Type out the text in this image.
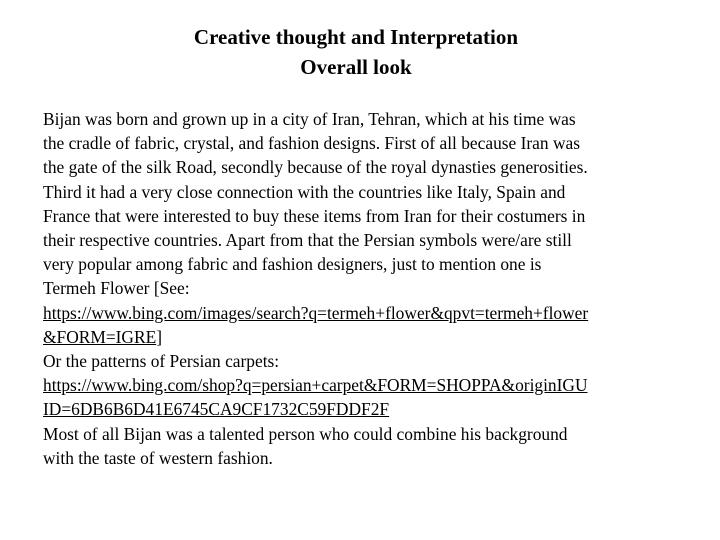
Creative thought and Interpretation
Overall look
Bijan was born and grown up in a city of Iran, Tehran, which at his time was
the cradle of fabric, crystal, and fashion designs. First of all because Iran was
the gate of the silk Road, secondly because of the royal dynasties generosities.
Third it had a very close connection with the countries like Italy, Spain and
France that were interested to buy these items from Iran for their costumers in
their respective countries. Apart from that the Persian symbols were/are still
very popular among fabric and fashion designers, just to mention one is
Termeh Flower [See:
https://www.bing.com/images/search?q=termeh+flower&qpvt=termeh+flower
&FORM=IGRE]
Or the patterns of Persian carpets:
https://www.bing.com/shop?q=persian+carpet&FORM=SHOPPA&originIGU
ID=6DB6B6D41E6745CA9CF1732C59FDDF2F
Most of all Bijan was a talented person who could combine his background
with the taste of western fashion.
